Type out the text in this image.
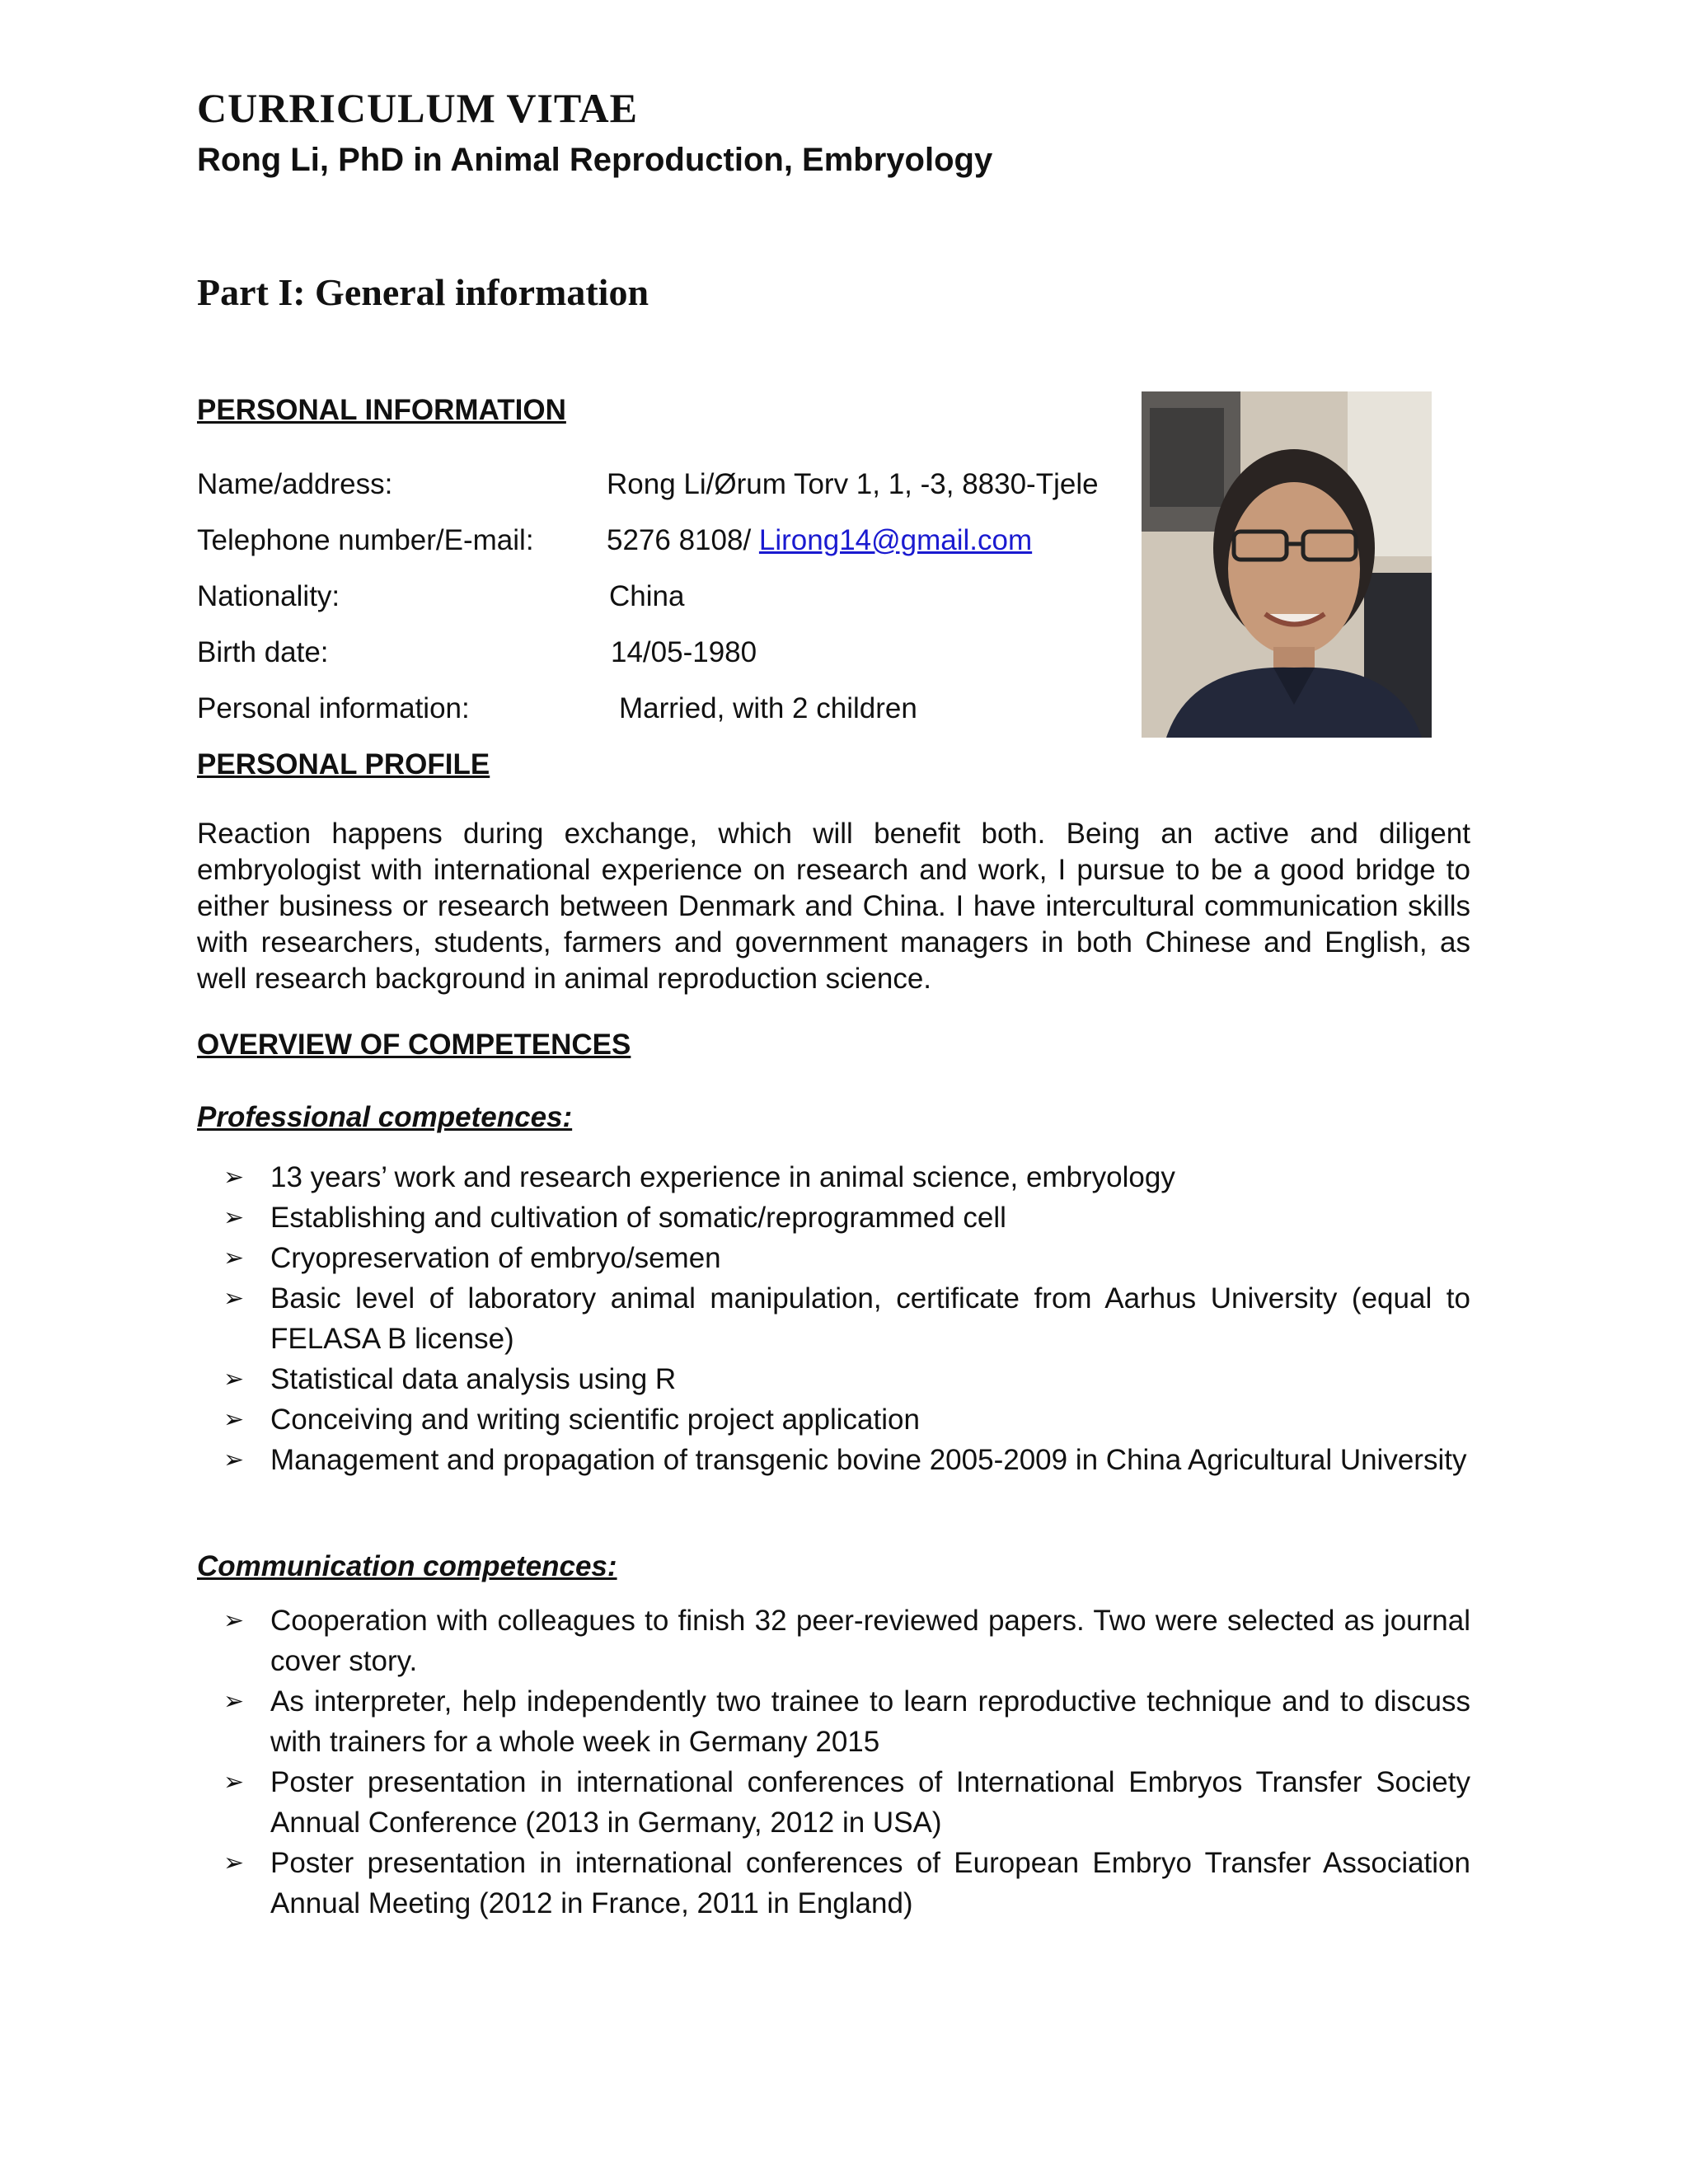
CURRICULUM VITAE
Rong Li, PhD in Animal Reproduction, Embryology
Part I: General information
PERSONAL INFORMATION
Name/address:	Rong Li/Ørum Torv 1, 1, -3, 8830-Tjele
Telephone number/E-mail:	5276 8108/ Lirong14@gmail.com
Nationality:	China
Birth date:	14/05-1980
Personal information:	Married, with 2 children
PERSONAL PROFILE

Reaction happens during exchange, which will benefit both. Being an active and diligent embryologist with international experience on research and work, I pursue to be a good bridge to either business or research between Denmark and China. I have intercultural communication skills with researchers, students, farmers and government managers in both Chinese and English, as well research background in animal reproduction science.

OVERVIEW OF COMPETENCES
Professional competences:
➢ 13 years’ work and research experience in animal science, embryology
➢ Establishing and cultivation of somatic/reprogrammed cell
➢ Cryopreservation of embryo/semen
➢ Basic level of laboratory animal manipulation, certificate from Aarhus University (equal to FELASA B license)
➢ Statistical data analysis using R
➢ Conceiving and writing scientific project application
➢ Management and propagation of transgenic bovine 2005-2009 in China Agricultural University
Communication competences:
➢ Cooperation with colleagues to finish 32 peer-reviewed papers. Two were selected as journal cover story.
➢ As interpreter, help independently two trainee to learn reproductive technique and to discuss with trainers for a whole week in Germany 2015
➢ Poster presentation in international conferences of International Embryos Transfer Society Annual Conference (2013 in Germany, 2012 in USA)
➢ Poster presentation in international conferences of European Embryo Transfer Association Annual Meeting (2012 in France, 2011 in England)
